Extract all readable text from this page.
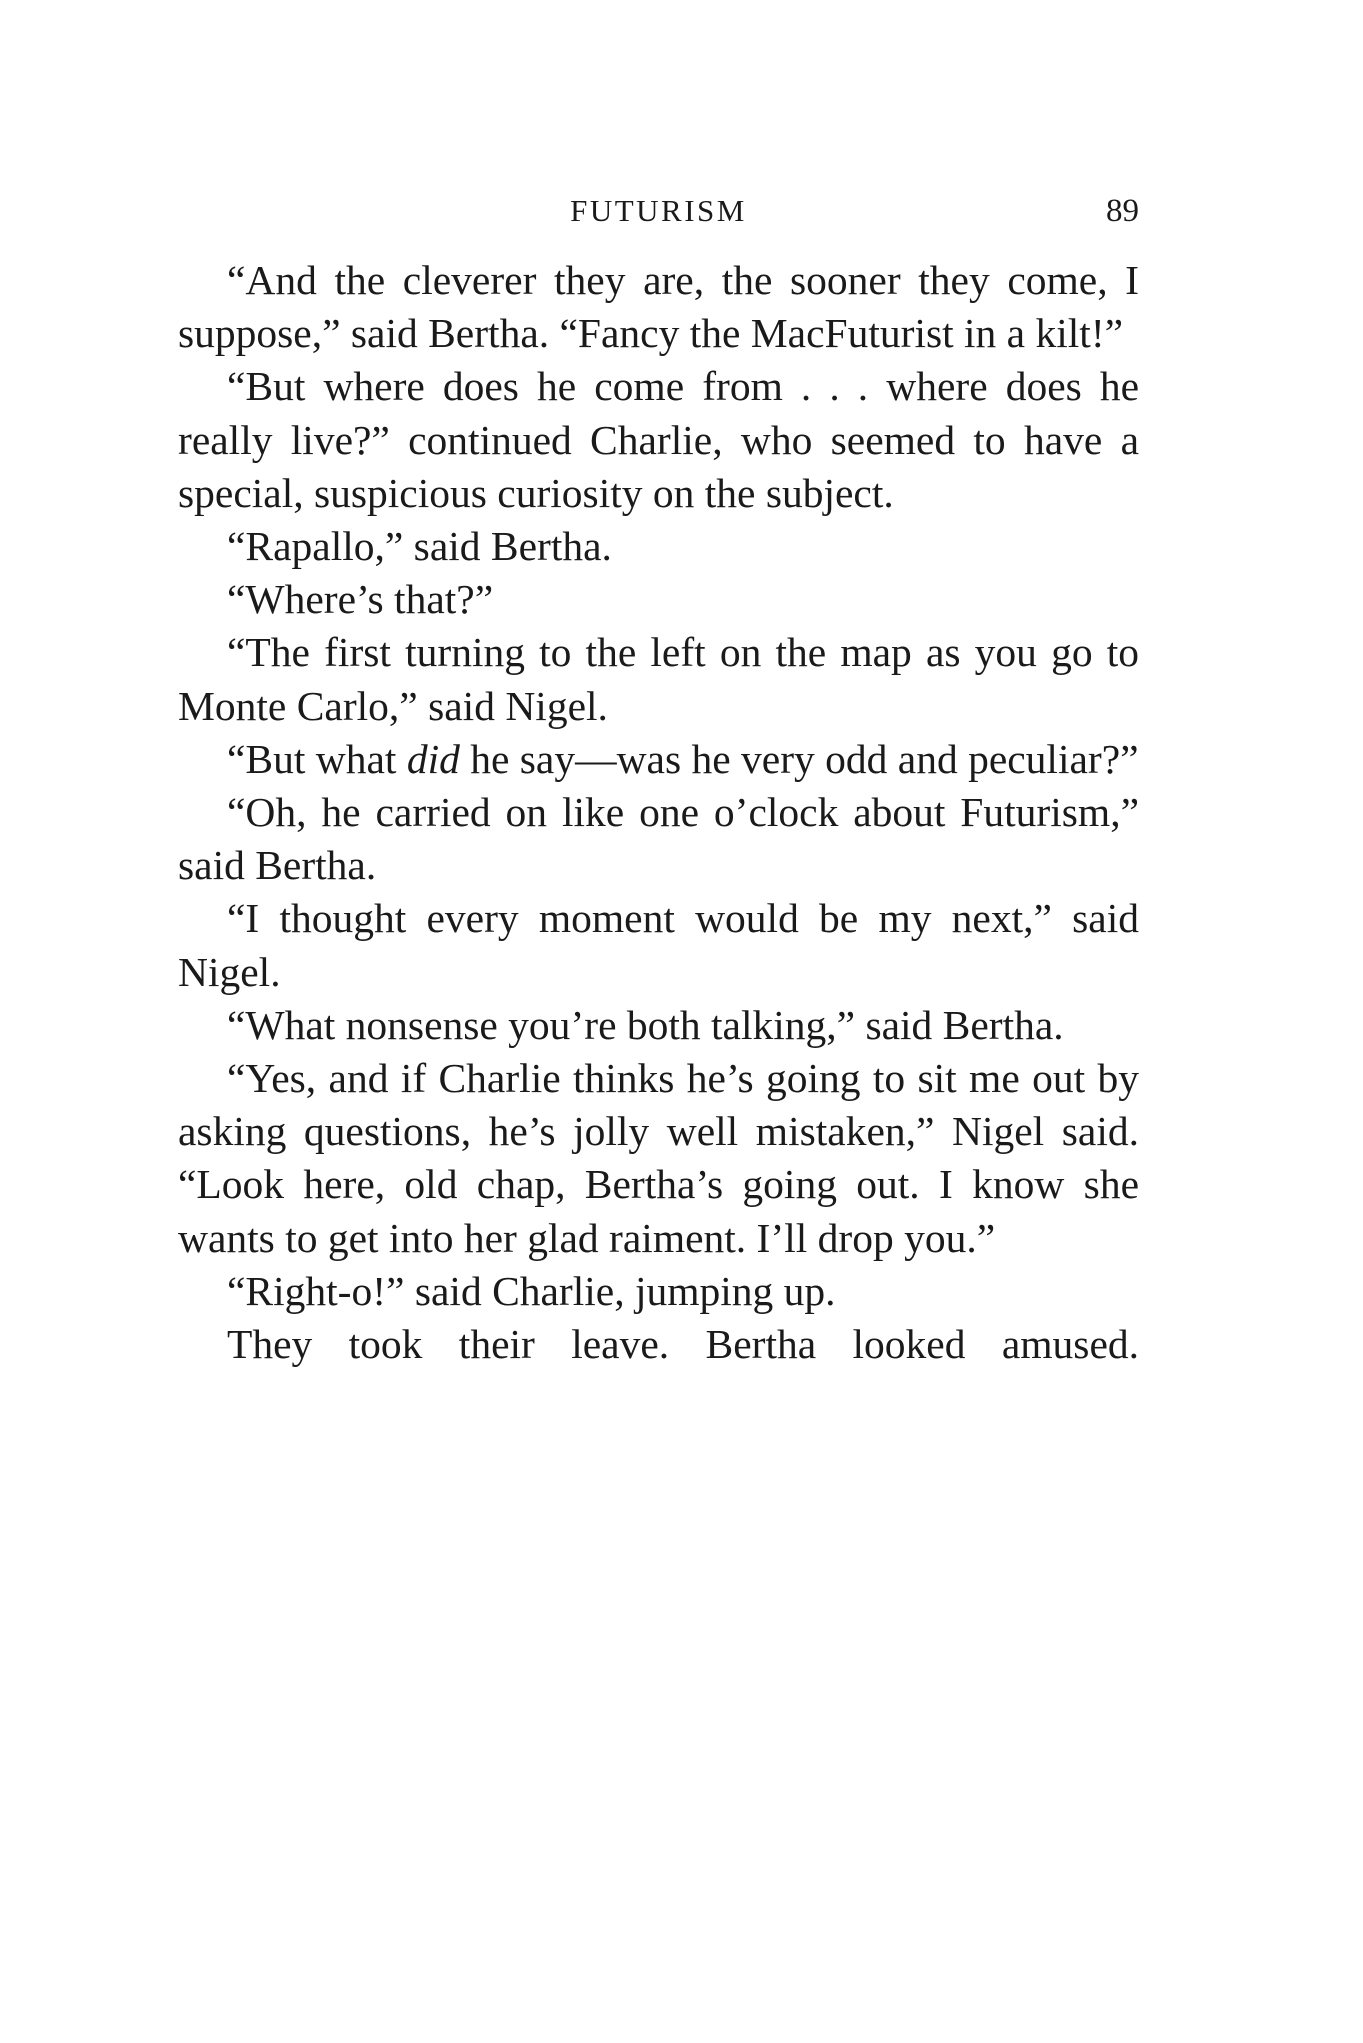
FUTURISM	89

“And the cleverer they are, the sooner they come, I suppose,” said Bertha. “Fancy the MacFuturist in a kilt!”

“But where does he come from . . . where does he really live?” continued Charlie, who seemed to have a special, suspicious curiosity on the subject.

“Rapallo,” said Bertha.

“Where’s that?”

“The first turning to the left on the map as you go to Monte Carlo,” said Nigel.

“But what did he say—was he very odd and peculiar?”

“Oh, he carried on like one o’clock about Futurism,” said Bertha.

“I thought every moment would be my next,” said Nigel.

“What nonsense you’re both talking,” said Bertha.

“Yes, and if Charlie thinks he’s going to sit me out by asking questions, he’s jolly well mistaken,” Nigel said. “Look here, old chap, Bertha’s going out. I know she wants to get into her glad raiment. I’ll drop you.”

“Right-o!” said Charlie, jumping up.

They took their leave. Bertha looked amused.
